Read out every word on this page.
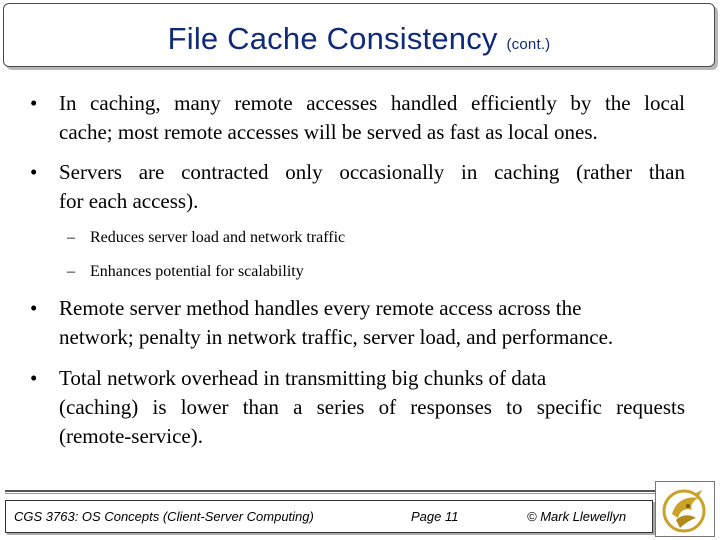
File Cache Consistency (cont.)
• In caching, many remote accesses handled efficiently by the local
cache; most remote accesses will be served as fast as local ones.
• Servers are contracted only occasionally in caching (rather than
for each access).
– Reduces server load and network traffic
– Enhances potential for scalability
• Remote server method handles every remote access across the
network; penalty in network traffic, server load, and performance.
• Total network overhead in transmitting big chunks of data
(caching) is lower than a series of responses to specific requests
(remote-service).
CGS 3763: OS Concepts (Client-Server Computing)	Page 11	© Mark Llewellyn
